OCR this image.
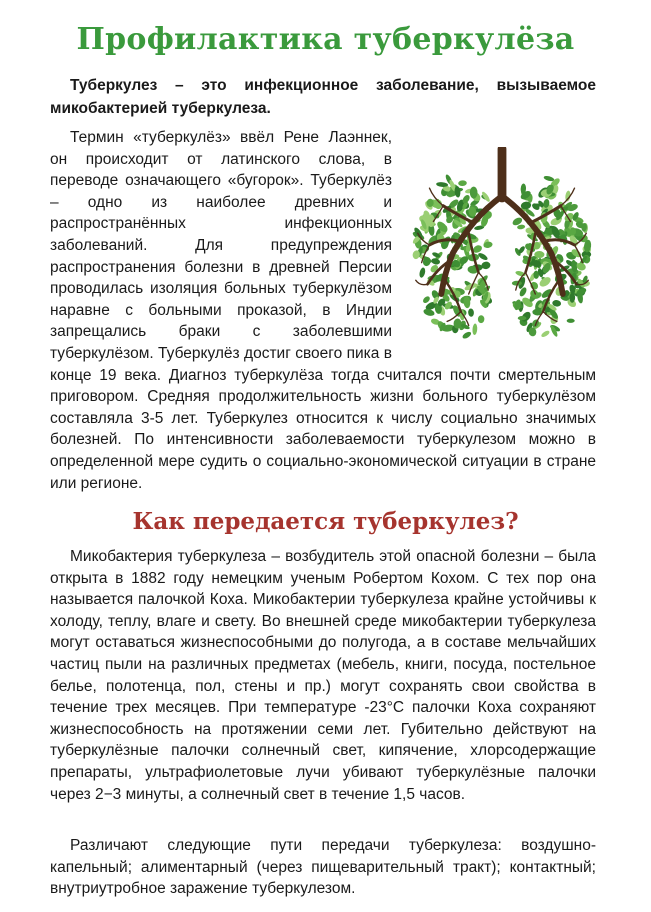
Профилактика туберкулёза

Туберкулез – это инфекционное заболевание, вызываемое микобактерией туберкулеза.

Термин «туберкулёз» ввёл Рене Лаэннек, он происходит от латинского слова, в переводе означающего «бугорок». Туберкулёз – одно из наиболее древних и распространённых инфекционных заболеваний. Для предупреждения распространения болезни в древней Персии проводилась изоляция больных туберкулёзом наравне с больными проказой, в Индии запрещались браки с заболевшими туберкулёзом. Туберкулёз достиг своего пика в конце 19 века. Диагноз туберкулёза тогда считался почти смертельным приговором. Средняя продолжительность жизни больного туберкулёзом составляла 3-5 лет. Туберкулез относится к числу социально значимых болезней. По интенсивности заболеваемости туберкулезом можно в определенной мере судить о социально-экономической ситуации в стране или регионе.
Как передается туберкулез?

Микобактерия туберкулеза – возбудитель этой опасной болезни – была открыта в 1882 году немецким ученым Робертом Кохом. С тех пор она называется палочкой Коха. Микобактерии туберкулеза крайне устойчивы к холоду, теплу, влаге и свету. Во внешней среде микобактерии туберкулеза могут оставаться жизнеспособными до полугода, а в составе мельчайших частиц пыли на различных предметах (мебель, книги, посуда, постельное белье, полотенца, пол, стены и пр.) могут сохранять свои свойства в течение трех месяцев. При температуре -23°С палочки Коха сохраняют жизнеспособность на протяжении семи лет. Губительно действуют на туберкулёзные палочки солнечный свет, кипячение, хлорсодержащие препараты, ультрафиолетовые лучи убивают туберкулёзные палочки через 2−3 минуты, а солнечный свет в течение 1,5 часов.

Различают следующие пути передачи туберкулеза: воздушно-капельный; алиментарный (через пищеварительный тракт); контактный; внутриутробное заражение туберкулезом.
